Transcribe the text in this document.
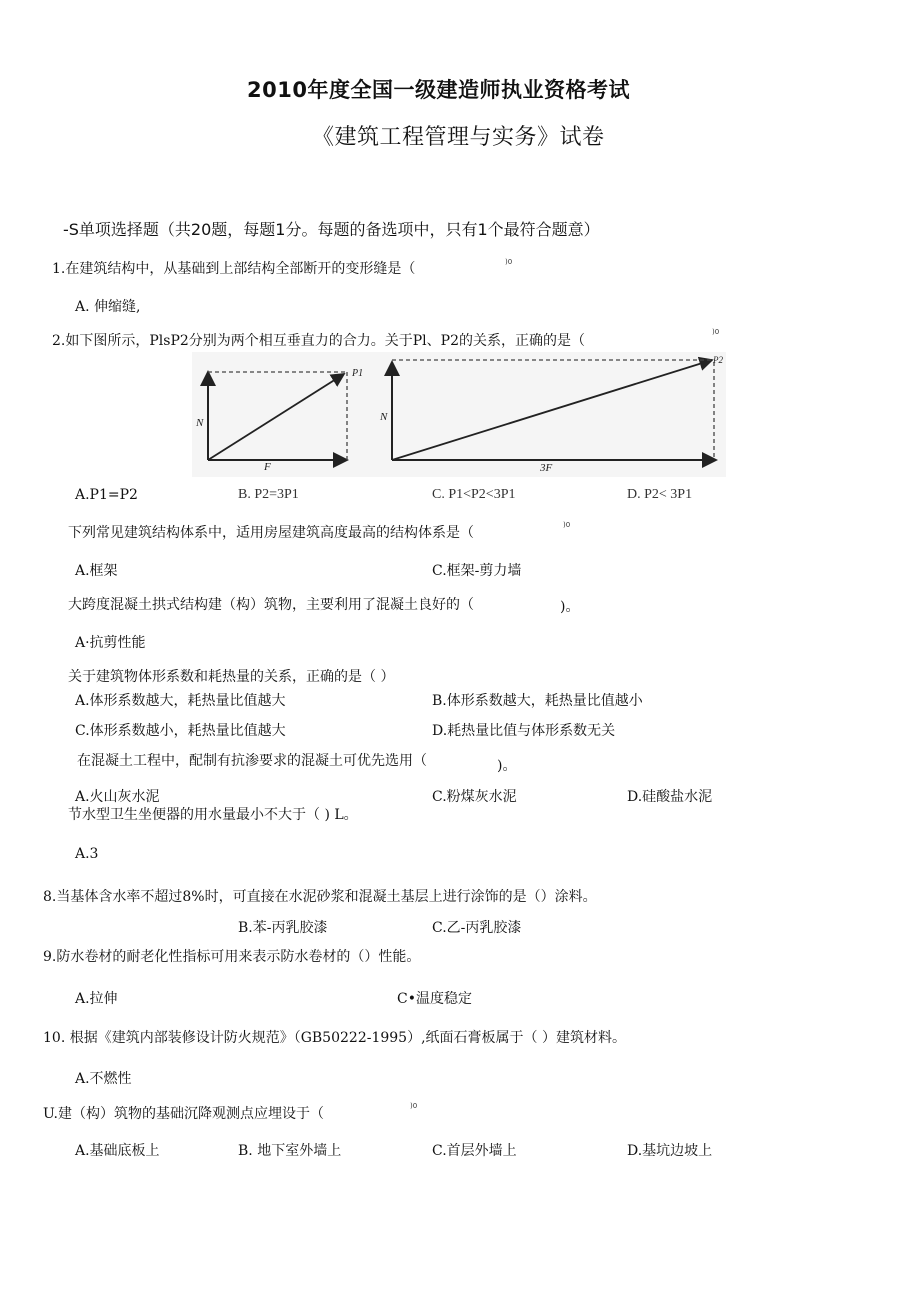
2010年度全国一级建造师执业资格考试
《建筑工程管理与实务》试卷
-S单项选择题（共20题，每题1分。每题的备选项中，只有1个最符合题意）
1.在建筑结构中，从基础到上部结构全部断开的变形缝是（	)0
A. 伸缩缝,
2.如下图所示，PlsP2分别为两个相互垂直力的合力。关于Pl、P2的关系，正确的是（
)0
N
F
P1
N
3F
P2
A.P1=P2	B. P2=3P1	C. P1<P2<3P1	D. P2< 3P1
下列常见建筑结构体系中，适用房屋建筑高度最高的结构体系是（	)0
A.框架	C.框架-剪力墙
大跨度混凝土拱式结构建（构）筑物，主要利用了混凝土良好的（	)。
A·抗剪性能
关于建筑物体形系数和耗热量的关系，正确的是（ ）
A.体形系数越大，耗热量比值越大	B.体形系数越大，耗热量比值越小
C.体形系数越小，耗热量比值越大	D.耗热量比值与体形系数无关
在混凝土工程中，配制有抗渗要求的混凝土可优先选用（	)。
A.火山灰水泥	C.粉煤灰水泥	D.硅酸盐水泥
节水型卫生坐便器的用水量最小不大于（ ) L。
A.3
8.当基体含水率不超过8%时，可直接在水泥砂浆和混凝土基层上进行涂饰的是（）涂料。
B.苯-丙乳胶漆	C.乙-丙乳胶漆
9.防水卷材的耐老化性指标可用来表示防水卷材的（）性能。
A.拉伸	C•温度稳定
10. 根据《建筑内部装修设计防火规范》（GB50222-1995）,纸面石膏板属于（ ）建筑材料。
A.不燃性
U.建（构）筑物的基础沉降观测点应埋设于（	)0
A.基础底板上	B. 地下室外墙上	C.首层外墙上	D.基坑边坡上
